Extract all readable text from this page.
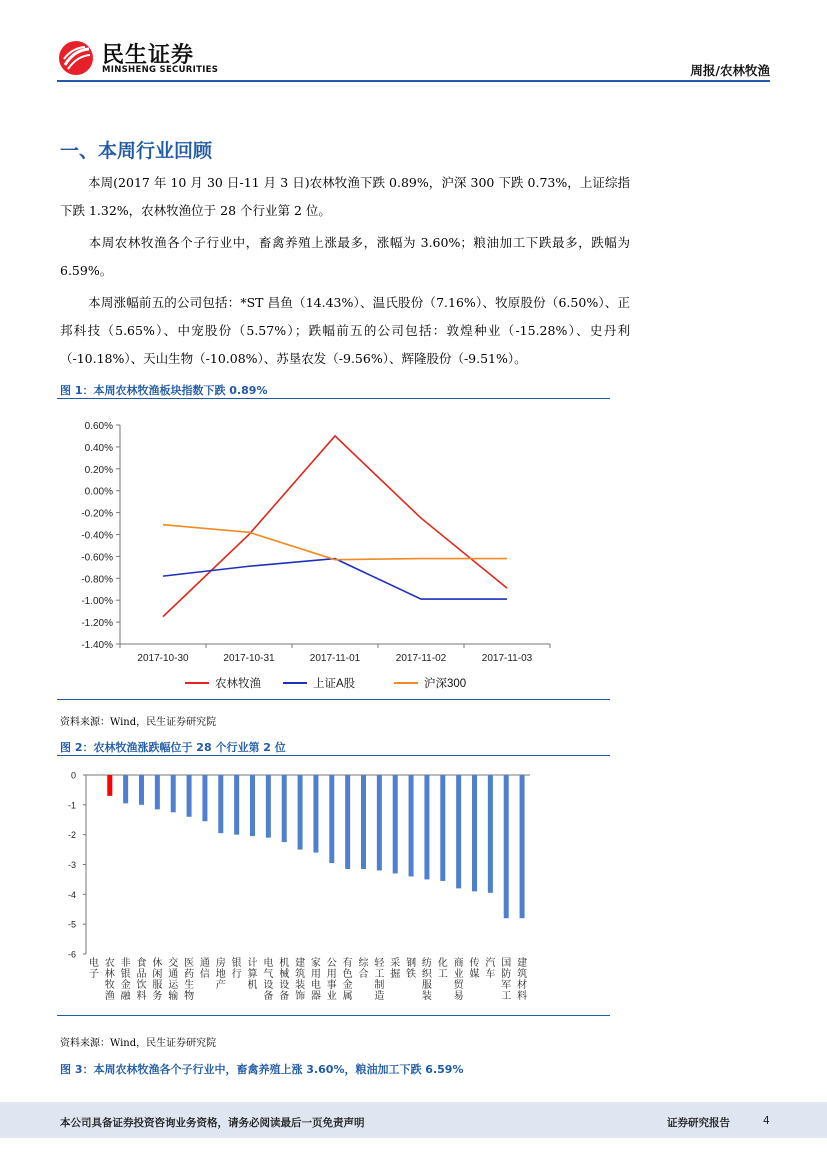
民生证券
MINSHENG SECURITIES	周报/农林牧渔
一、本周行业回顾
本周(2017 年 10 月 30 日-11 月 3 日)农林牧渔下跌 0.89%，沪深 300 下跌 0.73%，上证综指下跌 1.32%，农林牧渔位于 28 个行业第 2 位。
本周农林牧渔各个子行业中，畜禽养殖上涨最多，涨幅为 3.60%；粮油加工下跌最多，跌幅为 6.59%。
本周涨幅前五的公司包括：*ST 昌鱼（14.43%）、温氏股份（7.16%）、牧原股份（6.50%）、正邦科技（5.65%）、中宠股份（5.57%）；跌幅前五的公司包括：敦煌种业（-15.28%）、史丹利（-10.18%）、天山生物（-10.08%）、苏垦农发（-9.56%）、辉隆股份（-9.51%）。
图 1：本周农林牧渔板块指数下跌 0.89%
0.60%
0.40%
0.20%
0.00%
-0.20%
-0.40%
-0.60%
-0.80%
-1.00%
-1.20%
-1.40%
2017-10-30	2017-10-31	2017-11-01	2017-11-02	2017-11-03
农林牧渔	上证A股	沪深300
资料来源：Wind，民生证券研究院
图 2：农林牧渔涨跌幅位于 28 个行业第 2 位
0
-1
-2
-3
-4
-5
-6
电子
农林牧渔
非银金融
食品饮料
休闲服务
交通运输
医药生物
通信
房地产
银行
计算机
电气设备
机械设备
建筑装饰
家用电器
公用事业
有色金属
综合
轻工制造
采掘
钢铁
纺织服装
化工
商业贸易
传媒
汽车
国防军工
建筑材料
资料来源：Wind，民生证券研究院
图 3：本周农林牧渔各个子行业中，畜禽养殖上涨 3.60%，粮油加工下跌 6.59%
本公司具备证券投资咨询业务资格，请务必阅读最后一页免责声明	证券研究报告	4
